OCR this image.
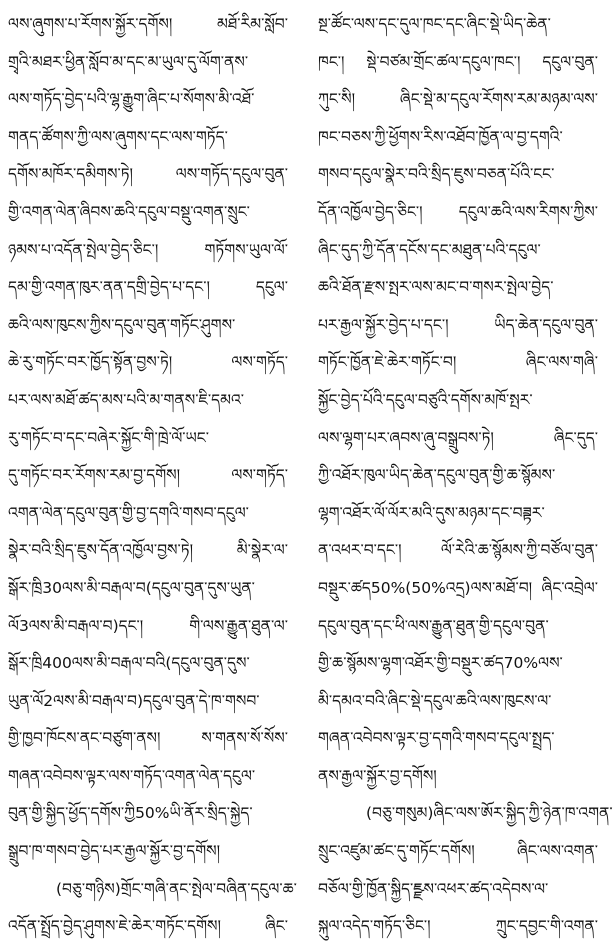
ལས་ཞུགས་པ་རོགས་སྐྱོར་དགོས། མཐོ་རིམ་སློབ་
གྲྭའི་མཐར་ཕྱིན་སློབ་མ་དང་མ་ཡུལ་དུ་ལོག་ནས་
ལས་གཏོད་བྱེད་པའི་ལྷ་རྒྱུག་ཞིང་པ་སོགས་མི་འཐོ་
གནད་ཚོགས་ཀྱི་ལས་ཞུགས་དང་ལས་གཏོད་
དགོས་མཁོར་དམིགས་ཏེ། ལས་གཏོད་དངུལ་བུན་
གྱི་འགན་ལེན་ཞིབས་ཆའི་དངུལ་བསྡུ་འགན་སྲུང་
ཉམས་པ་འདོན་སྤེལ་བྱེད་ཅིང་། གཏོགས་ཡུལ་ལོ་
དམ་གྱི་འགན་ཁུར་ནན་དགྲི་བྱེད་པ་དང་། དངུལ་
ཆའི་ལས་ཁུངས་ཀྱིས་དངུལ་བུན་གཏོང་ཤུགས་
ཆེ་རུ་གཏོང་བར་ཁྱོད་སྟོན་བྱས་ཏེ། ལས་གཏོད་
པར་ལས་མཐོ་ཚད་མས་པའི་མ་གནས་ཇི་དམའ་
རུ་གཏོང་བ་དང་བཞེར་སྐྱོང་གི་ཁྲེ་ལོ་ཡང་
དུ་གཏོང་བར་རོགས་རམ་བྱ་དགོས། ལས་གཏོད་
འགན་ལེན་དངུལ་བུན་གྱི་བྱ་དགའི་གསབ་དངུལ་
སྣེར་བའི་སྲིད་ཇུས་དོན་འཁྱོལ་བྱས་ཏེ། མི་སྣེར་ལ་
སྒོར་ཁྲི30ལས་མི་བརྒལ་བ(དངུལ་བུན་དུས་ཡུན་
ལོ3ལས་མི་བརྒལ་བ)དང་། གི་ལས་རྒྱུན་ཐུན་ལ་
སྒོར་ཁྲི400ལས་མི་བརྒལ་བའི(དངུལ་བུན་དུས་
ཡུན་ལོ2ལས་མི་བརྒལ་བ)དངུལ་བུན་དེ་ཁ་གསབ་
གྱི་ཁྱབ་ཁོངས་ནང་བཙུག་ནས། ས་གནས་སོ་སོས་
གཞན་འབེབས་ལྟར་ལས་གཏོད་འགན་ལེན་དངུལ་
བུན་གྱི་སྐྱིད་ཕྱོད་དགོས་ཀྱི50%ཡི་ནོར་སྲིད་སྐྱེད་
སྒྲུབ་ཁ་གསབ་བྱེད་པར་རྒྱལ་སྐྱོར་བྱ་དགོས།
(བཅུ་གཉིས)གྲོང་གཞི་ནང་སྤེལ་བཞིན་དངུལ་ཆ་
འདོན་སྤྲོད་བྱེད་ཤུགས་ཇེ་ཆེར་གཏོང་དགོས། ཞིང་
སྔ་ཚོང་ལས་དང་དུལ་ཁང་དང་ཞིང་སྡེ་ཡིད་ཆེན་
ཁང་། སྡེ་བཙམ་གྲོང་ཚལ་དངུལ་ཁང་། དངུལ་བུན་
ཀུང་སི། ཞིང་སྡེ་མ་དངུལ་རོགས་རམ་མཉམ་ལས་
ཁང་བཅས་ཀྱི་ཕྱོགས་རིས་འཐོབ་ཁྱོན་ལ་བྱ་དགའི་
གསབ་དངུལ་སྣེར་བའི་སྲིད་ཇུས་བཅན་པོའི་ངང་
དོན་འཁྱོལ་བྱེད་ཅིང་། དངུལ་ཆའི་ལས་རིགས་ཀྱིས་
ཞིང་དུད་ཀྱི་དོན་དངོས་དང་མཐུན་པའི་དངུལ་
ཆའི་ཐོན་རྫས་སྤར་ལས་མང་བ་གསར་སྤེལ་བྱེད་
པར་རྒྱལ་སྐྱོར་བྱེད་པ་དང་། ཡིད་ཆེན་དངུལ་བུན་
གཏོང་ཁྱོན་ཇེ་ཆེར་གཏོང་བ། ཞིང་ལས་གཞི་
སྐྱོང་བྱེད་པོའི་དངུལ་བཙུའི་དགོས་མཁོ་སྤར་
ལས་ལྷག་པར་ཞབས་ཞུ་བསྒྲུབས་ཏེ། ཞིང་དུད་
ཀྱི་འཐོར་ཁུལ་ཡིད་ཆེན་དངུལ་བུན་གྱི་ཆ་སྙོམས་
ལྷག་འཐོར་ལོ་ལོར་མའི་དུས་མཉམ་དང་བཟྟར་
ན་འཕར་བ་དང་། ལོ་རེའི་ཆ་སྙོམས་ཀྱི་བཙོལ་བུན་
བསྡུར་ཚད50%(50%འདྲ)ལས་མཐོ་བ། ཞིང་འབྲེལ་
དངུལ་བུན་དང་ཕི་ལས་རྒྱུན་ཐུན་གྱི་དངུལ་བུན་
གྱི་ཆ་སྙོམས་ལྷག་འཐོར་གྱི་བསྡུར་ཚད70%ལས་
མི་དམའ་བའི་ཞིང་སྡེ་དངུལ་ཆའི་ལས་ཁུངས་ལ་
གཞན་འབེབས་ལྟར་བྱ་དགའི་གསབ་དངུལ་སྤྲད་
ནས་རྒྱལ་སྐྱོར་བྱ་དགོས།
(བཅུ་གསུམ)ཞིང་ལས་ཨོར་སྐྱིད་ཀྱི་ཉེན་ཁ་འགན་
སྲུང་འཛུམ་ཚང་དུ་གཏོང་དགོས། ཞིང་ལས་འགན་
བཅོལ་གྱི་ཁྱོན་སྐྱིད་ཇྫས་འཕར་ཚད་འདེབས་ལ་
སྐུལ་འདེད་གཏོད་ཅིང་། ཀྲུང་དབྱང་གི་འགན་
